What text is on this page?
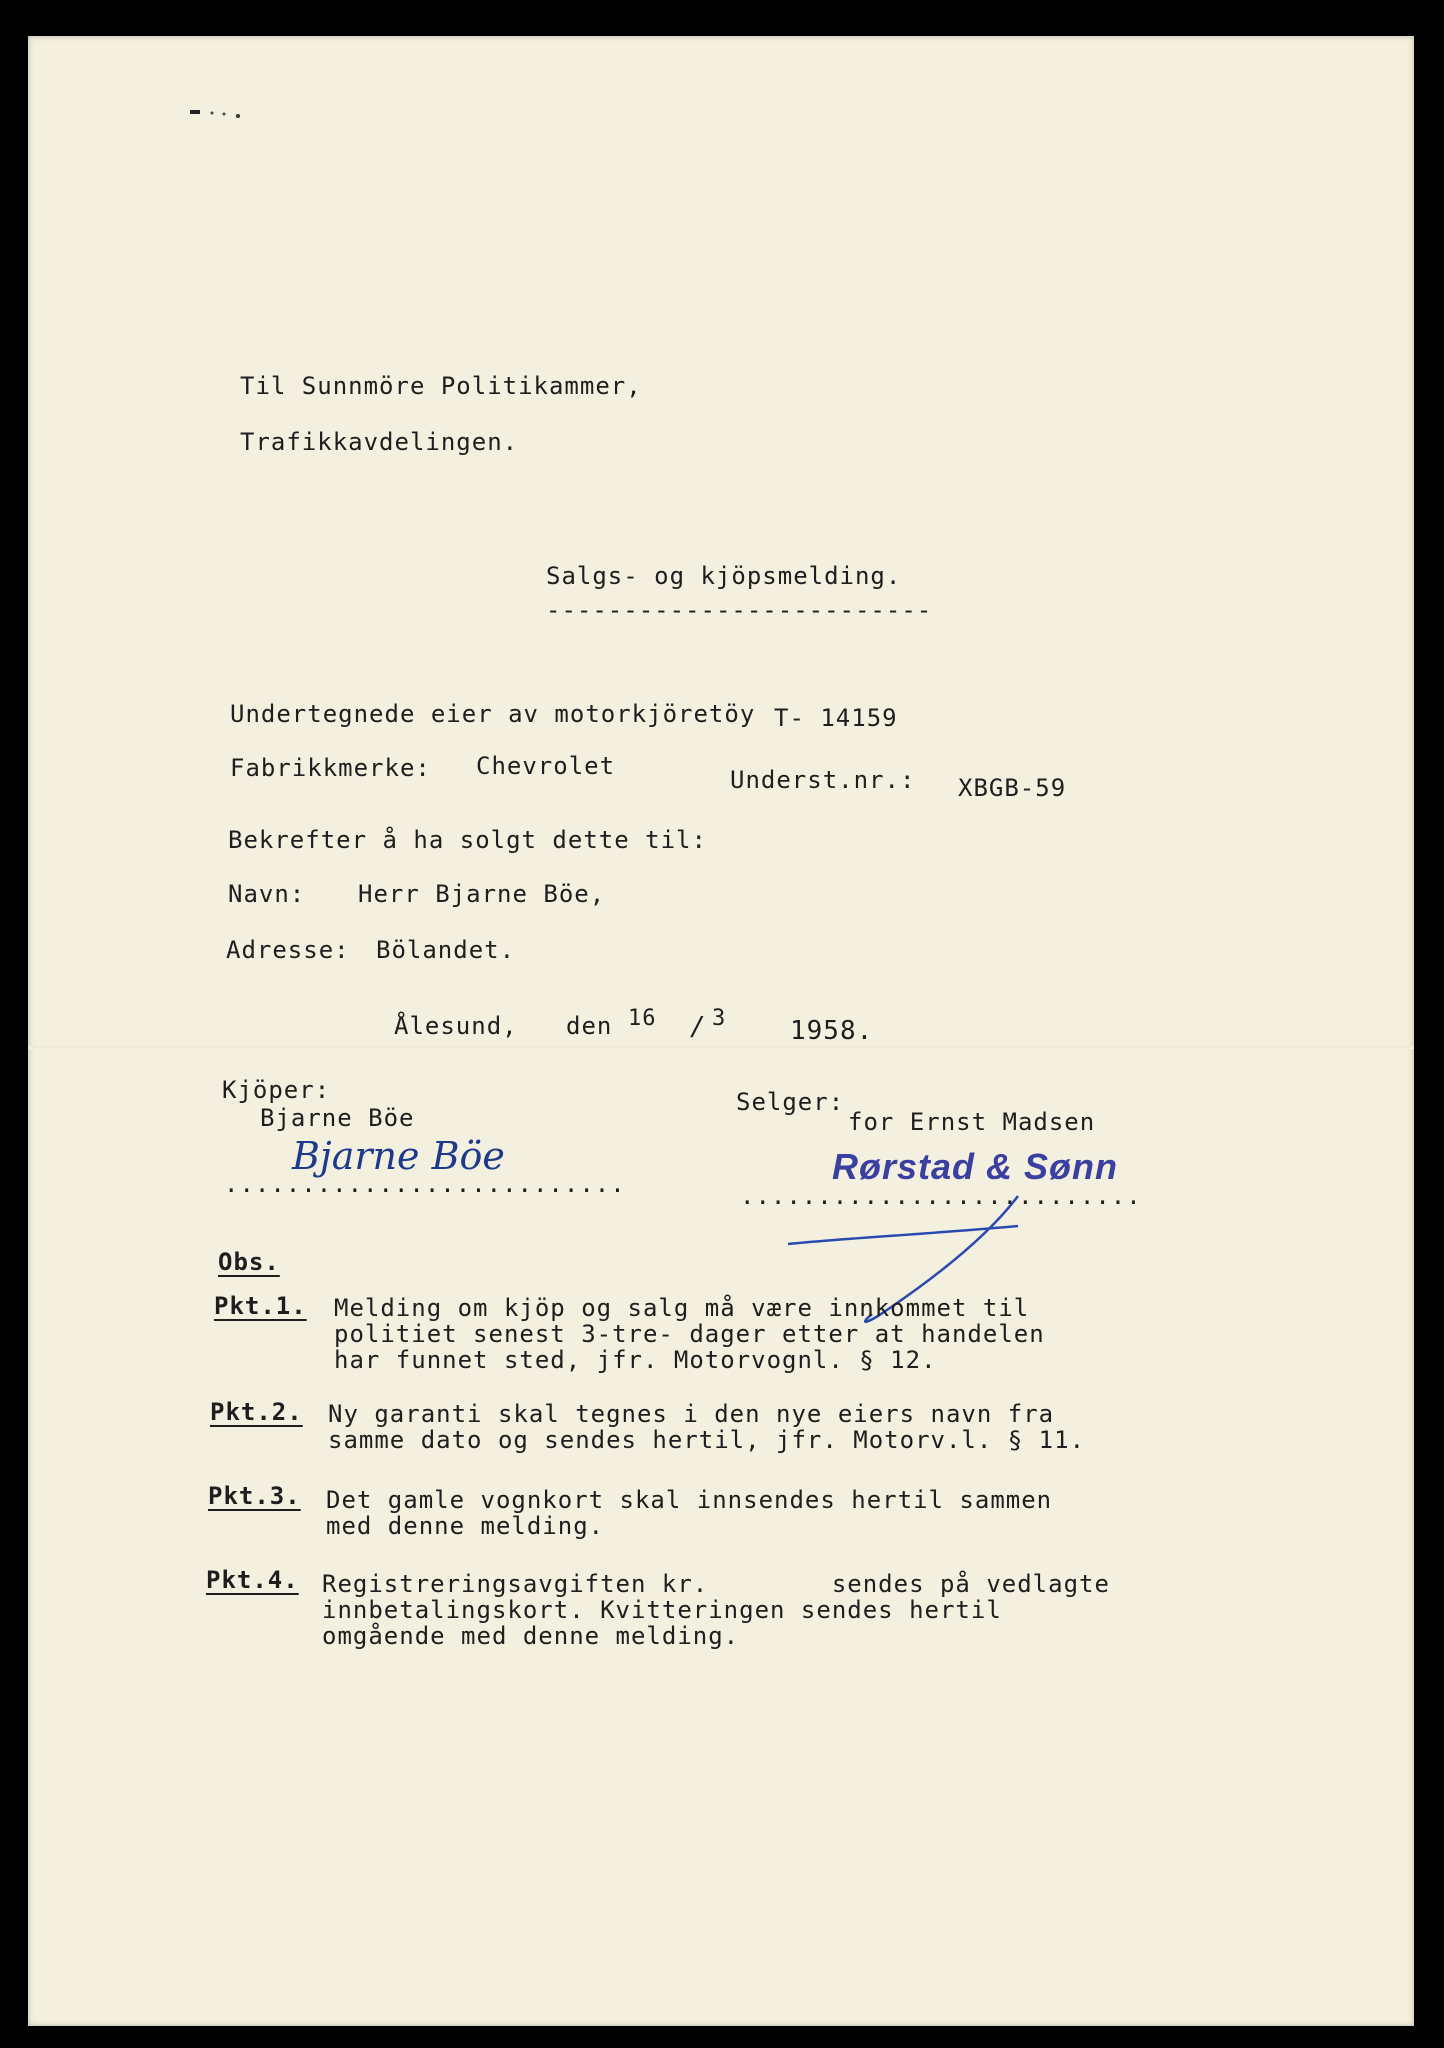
Til Sunnmöre Politikammer,
Trafikkavdelingen.
Salgs- og kjöpsmelding.
-------------------------
Undertegnede eier av motorkjöretöy T- 14159
Fabrikkmerke: Chevrolet	Underst.nr.: XBGB-59
Bekrefter å ha solgt dette til:
Navn: Herr Bjarne Böe,
Adresse: Bölandet.
Ålesund, den 16 / 3 1958.
Kjöper:
Bjarne Böe
Bjarne Böe
..........................
Selger:
for Ernst Madsen
Rørstad & Sønn
..........................
Obs.
Pkt.1. Melding om kjöp og salg må være innkommet til
politiet senest 3-tre- dager etter at handelen
har funnet sted, jfr. Motorvognl. § 12.
Pkt.2. Ny garanti skal tegnes i den nye eiers navn fra
samme dato og sendes hertil, jfr. Motorv.l. § 11.
Pkt.3. Det gamle vognkort skal innsendes hertil sammen
med denne melding.
Pkt.4. Registreringsavgiften kr.        sendes på vedlagte
innbetalingskort. Kvitteringen sendes hertil
omgående med denne melding.
